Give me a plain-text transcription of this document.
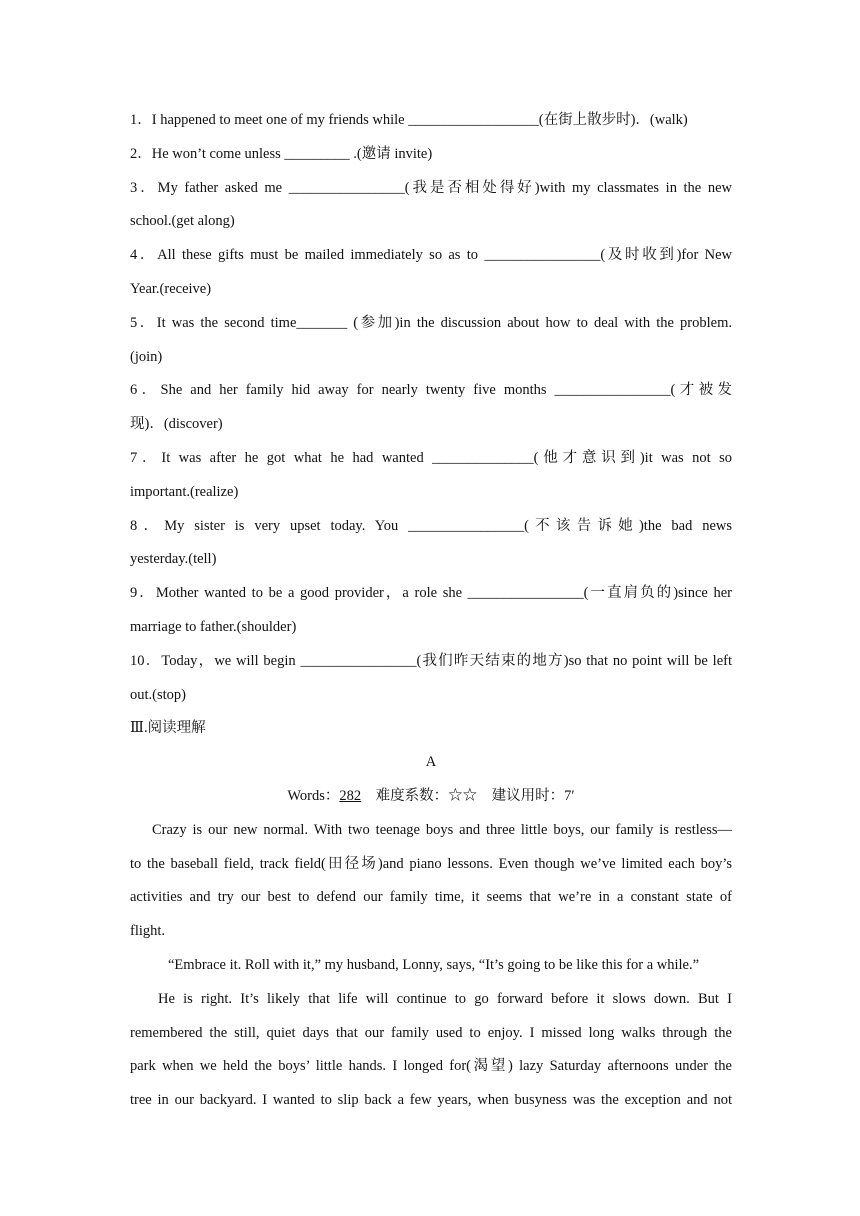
1．I happened to meet one of my friends while __________________(在街上散步时)．(walk)
2．He won’t come unless _________ .(邀请 invite)
3．My father asked me ________________(我是否相处得好)with my classmates in the new
school.(get along)
4．All these gifts must be mailed immediately so as to ________________(及时收到)for New
Year.(receive)
5．It was the second time_______ (参加)in the discussion about how to deal with the problem.
(join)
6．She and her family hid away for nearly twenty five months ________________(才被发
现)．(discover)
7．It was after he got what he had wanted ______________(他才意识到)it was not so
important.(realize)
8．My sister is very upset today. You ________________(不该告诉她)the bad news
yesterday.(tell)
9．Mother wanted to be a good provider，a role she ________________(一直肩负的)since her
marriage to father.(shoulder)
10．Today，we will begin ________________(我们昨天结束的地方)so that no point will be left
out.(stop)
Ⅲ.阅读理解
A
Words：282　难度系数：☆☆　建议用时：7′
Crazy is our new normal. With two teenage boys and three little boys, our family is restless—
to the baseball field, track field(田径场)and piano lessons. Even though we’ve limited each boy’s
activities and try our best to defend our family time, it seems that we’re in a constant state of
flight.
“Embrace it. Roll with it,” my husband, Lonny, says, “It’s going to be like this for a while.”
He is right. It’s likely that life will continue to go forward before it slows down. But I
remembered the still, quiet days that our family used to enjoy. I missed long walks through the
park when we held the boys’ little hands. I longed for(渴望) lazy Saturday afternoons under the
tree in our backyard. I wanted to slip back a few years, when busyness was the exception and not
